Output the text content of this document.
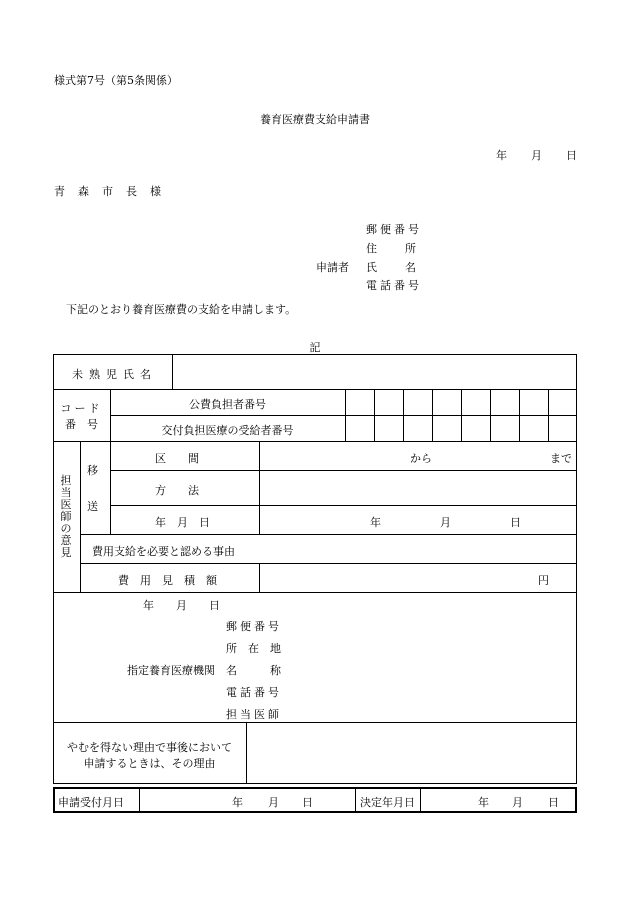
様式第7号（第5条関係）
養育医療費支給申請書
年 月 日
青　森　市　長　様
郵便番号
住　　所
申請者 氏　　名
電話番号
下記のとおり養育医療費の支給を申請します。
記
未熟児氏名
コード
番　号
公費負担者番号
交付負担医療の受給者番号
担当医師の意見
移
送
区　　間	から	まで
方　　法
年　月　日	年	月	日
費用支給を必要と認める事由
費　用　見　積　額	円
年　　月　　日
郵便番号
所　在　地
指定養育医療機関 名　　　称
電話番号
担当医師
やむを得ない理由で事後において
申請するときは、その理由
申請受付月日	年 月 日	決定年月日	年 月 日
